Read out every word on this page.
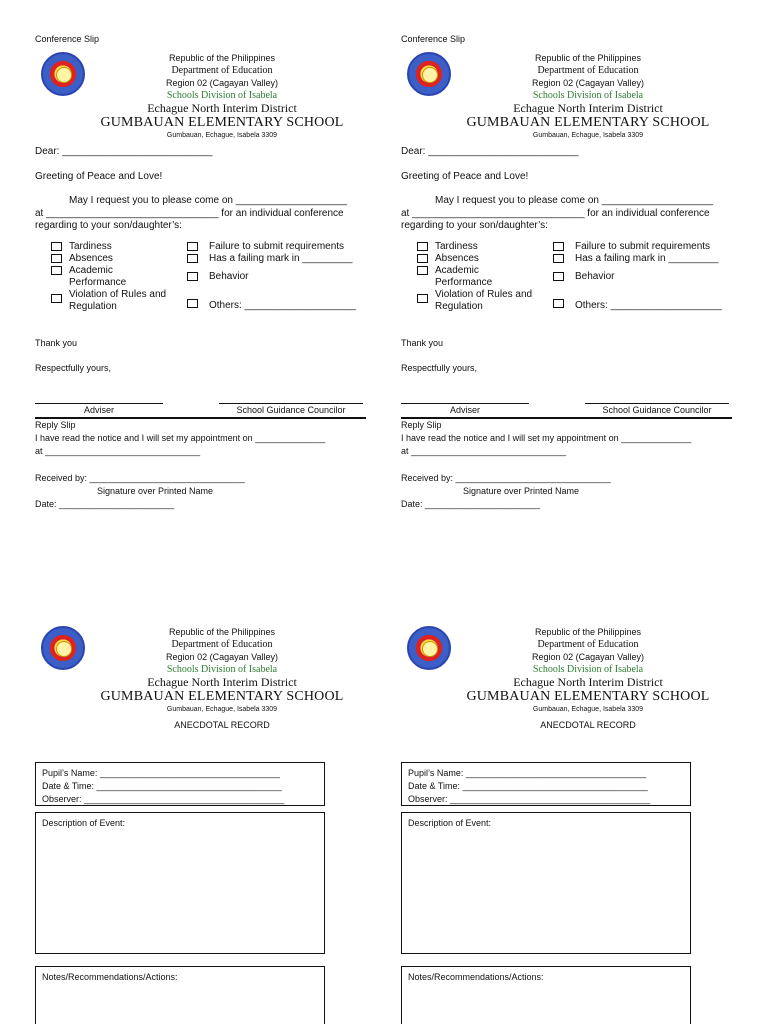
Conference Slip
Republic of the Philippines
Department of Education
Region 02 (Cagayan Valley)
Schools Division of Isabela
Echague North Interim District
GUMBAUAN ELEMENTARY SCHOOL
Gumbauan, Echague, Isabela 3309
Dear: ___________________________
Greeting of Peace and Love!
May I request you to please come on ____________________
at _______________________________ for an individual conference
regarding to your son/daughter’s:
Tardiness
Absences
Academic
Performance
Violation of Rules and
Regulation
Failure to submit requirements
Has a failing mark in _________
Behavior
Others: ____________________
Thank you
Respectfully yours,
Adviser	School Guidance Councilor
Reply Slip
I have read the notice and I will set my appointment on ______________
at _______________________________
Received by: _______________________________
Signature over Printed Name
Date: _______________________
Conference Slip
Republic of the Philippines
Department of Education
Region 02 (Cagayan Valley)
Schools Division of Isabela
Echague North Interim District
GUMBAUAN ELEMENTARY SCHOOL
Gumbauan, Echague, Isabela 3309
Dear: ___________________________
Greeting of Peace and Love!
May I request you to please come on ____________________
at _______________________________ for an individual conference
regarding to your son/daughter’s:
Tardiness
Absences
Academic
Performance
Violation of Rules and
Regulation
Failure to submit requirements
Has a failing mark in _________
Behavior
Others: ____________________
Thank you
Respectfully yours,
Adviser	School Guidance Councilor
Reply Slip
I have read the notice and I will set my appointment on ______________
at _______________________________
Received by: _______________________________
Signature over Printed Name
Date: _______________________
Republic of the Philippines
Department of Education
Region 02 (Cagayan Valley)
Schools Division of Isabela
Echague North Interim District
GUMBAUAN ELEMENTARY SCHOOL
Gumbauan, Echague, Isabela 3309
ANECDOTAL RECORD
Pupil’s Name: ____________________________________
Date & Time: _____________________________________
Observer: ________________________________________
Description of Event:
Notes/Recommendations/Actions:
Republic of the Philippines
Department of Education
Region 02 (Cagayan Valley)
Schools Division of Isabela
Echague North Interim District
GUMBAUAN ELEMENTARY SCHOOL
Gumbauan, Echague, Isabela 3309
ANECDOTAL RECORD
Pupil’s Name: ____________________________________
Date & Time: _____________________________________
Observer: ________________________________________
Description of Event:
Notes/Recommendations/Actions:
